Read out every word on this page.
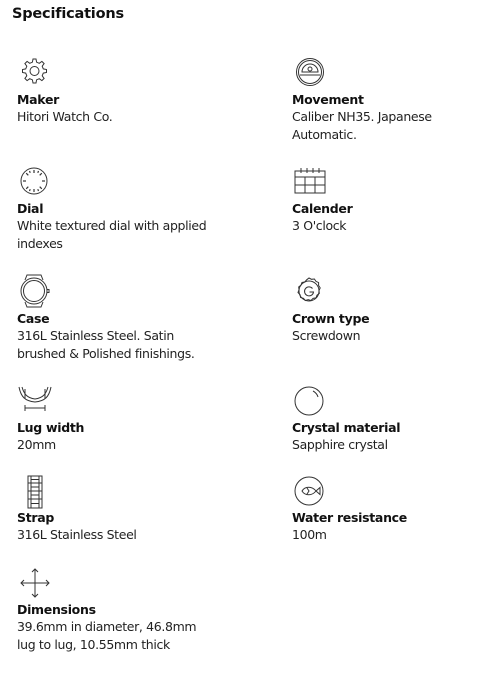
Specifications
Maker
Hitori Watch Co.
Movement
Caliber NH35. Japanese Automatic.
Dial
White textured dial with applied indexes
Calender
3 O'clock
Case
316L Stainless Steel. Satin brushed & Polished finishings.
Crown type
Screwdown
Lug width
20mm
Crystal material
Sapphire crystal
Strap
316L Stainless Steel
Water resistance
100m
Dimensions
39.6mm in diameter, 46.8mm lug to lug, 10.55mm thick
